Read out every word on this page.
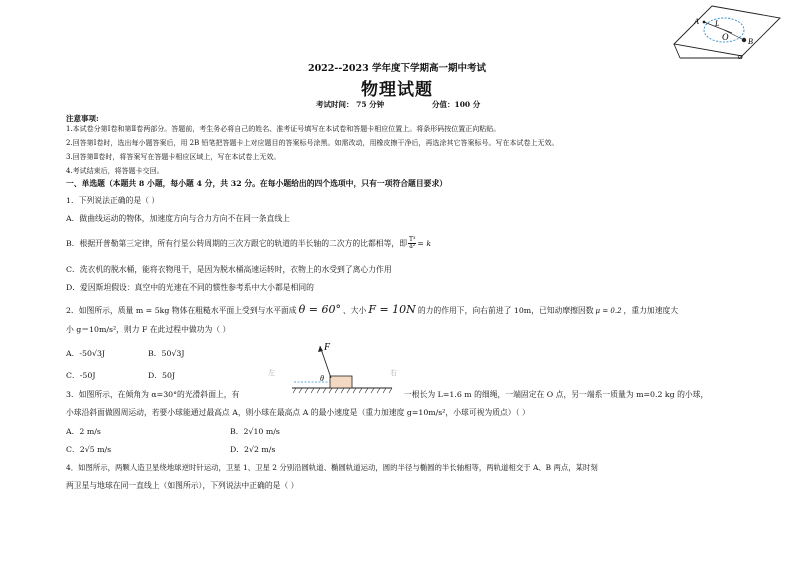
A L
O B
α
2022--2023 学年度下学期高一期中考试
物理试题
考试时间： 75 分钟	分值：100 分
注意事项:
1.本试卷分第Ⅰ卷和第Ⅱ卷两部分。答题前，考生务必将自己的姓名、准考证号填写在本试卷和答题卡相应位置上。将条形码按位置正向粘贴。
2.回答第Ⅰ卷时，选出每小题答案后，用 2B 铅笔把答题卡上对应题目的答案标号涂黑。如需改动，用橡皮擦干净后，再选涂其它答案标号。写在本试卷上无效。
3.回答第Ⅱ卷时，将答案写在答题卡相应区域上，写在本试卷上无效。
4.考试结束后，将答题卡交回。
一、单选题（本题共 8 小题，每小题 4 分，共 32 分。在每小题给出的四个选项中，只有一项符合题目要求）
1．下列说法正确的是（ ）
A．做曲线运动的物体，加速度方向与合力方向不在同一条直线上
B．根据开普勒第三定律，所有行星公转周期的三次方跟它的轨道的半长轴的二次方的比都相等，即 $\frac{\text{T³}}{\text{a²}} = k$
C．洗衣机的脱水桶，能将衣物甩干，是因为脱水桶高速运转时，衣物上的水受到了离心力作用
D．爱因斯坦假设：真空中的光速在不同的惯性参考系中大小都是相同的
2．如图所示，质量 m = 5kg 物体在粗糙水平面上受到与水平面成 θ = 60° 、大小 F = 10N 的力的作用下，向右前进了 10m，已知动摩擦因数 μ = 0.2 ，重力加速度大
小 g＝10m/s²，则力 F 在此过程中做功为（ ）
A．-50√3J	B．50√3J
C．-50J	D．50J
F
θ
左	右
3．如图所示，在倾角为 α=30°的光滑斜面上，有	一根长为 L=1.6 m 的细绳，一端固定在 O 点，另一端系一质量为 m=0.2 kg 的小球，
小球沿斜面做圆周运动，若要小球能通过最高点 A，则小球在最高点 A 的最小速度是（重力加速度 g=10m/s²，小球可视为质点）（ ）
A．2 m/s	B．2√10 m/s
C．2√5 m/s	D．2√2 m/s
4．如图所示，两颗人造卫星绕地球逆时针运动，卫星 1、卫星 2 分别沿圆轨道、椭圆轨道运动，圆的半径与椭圆的半长轴相等，两轨道相交于 A、B 两点，某时刻
两卫星与地球在同一直线上（如图所示），下列说法中正确的是（ ）
